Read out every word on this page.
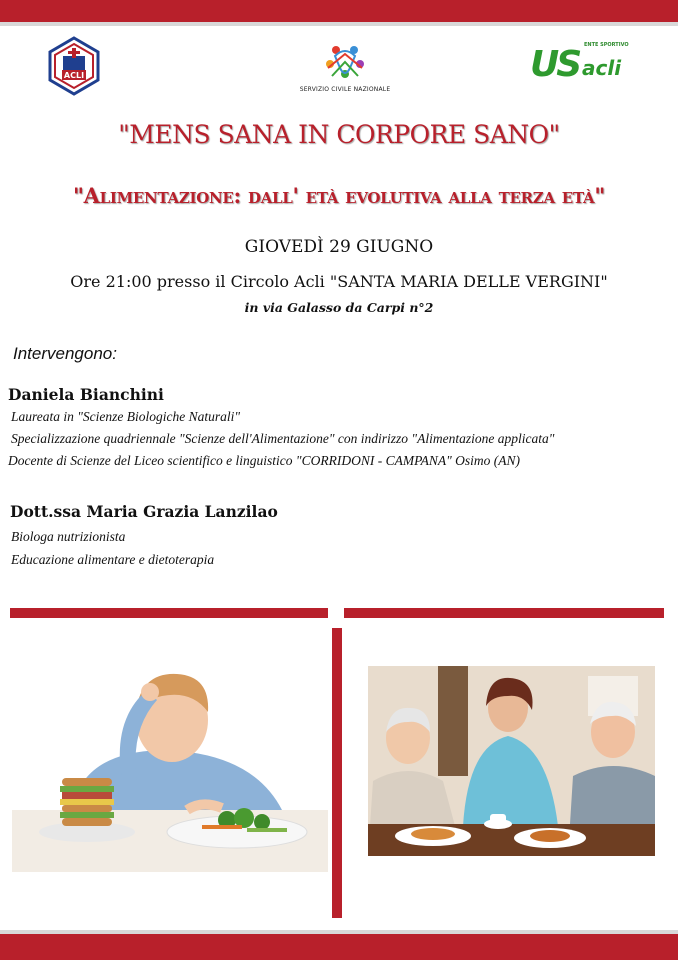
ACLI
SERVIZIO CIVILE NAZIONALE
ENTE SPORTIVO
US acli
"MENS SANA IN CORPORE SANO"
"Alimentazione: dall' età evolutiva alla terza età"
GIOVEDÌ 29 GIUGNO
Ore 21:00 presso il Circolo Acli "SANTA MARIA DELLE VERGINI"
in via Galasso da Carpi n°2
Intervengono:
Daniela Bianchini
Laureata in "Scienze Biologiche Naturali"
Specializzazione quadriennale "Scienze dell'Alimentazione" con indirizzo "Alimentazione applicata"
Docente di Scienze del Liceo scientifico e linguistico "CORRIDONI - CAMPANA" Osimo (AN)
Dott.ssa Maria Grazia Lanzilao
Biologa nutrizionista
Educazione alimentare e dietoterapia
